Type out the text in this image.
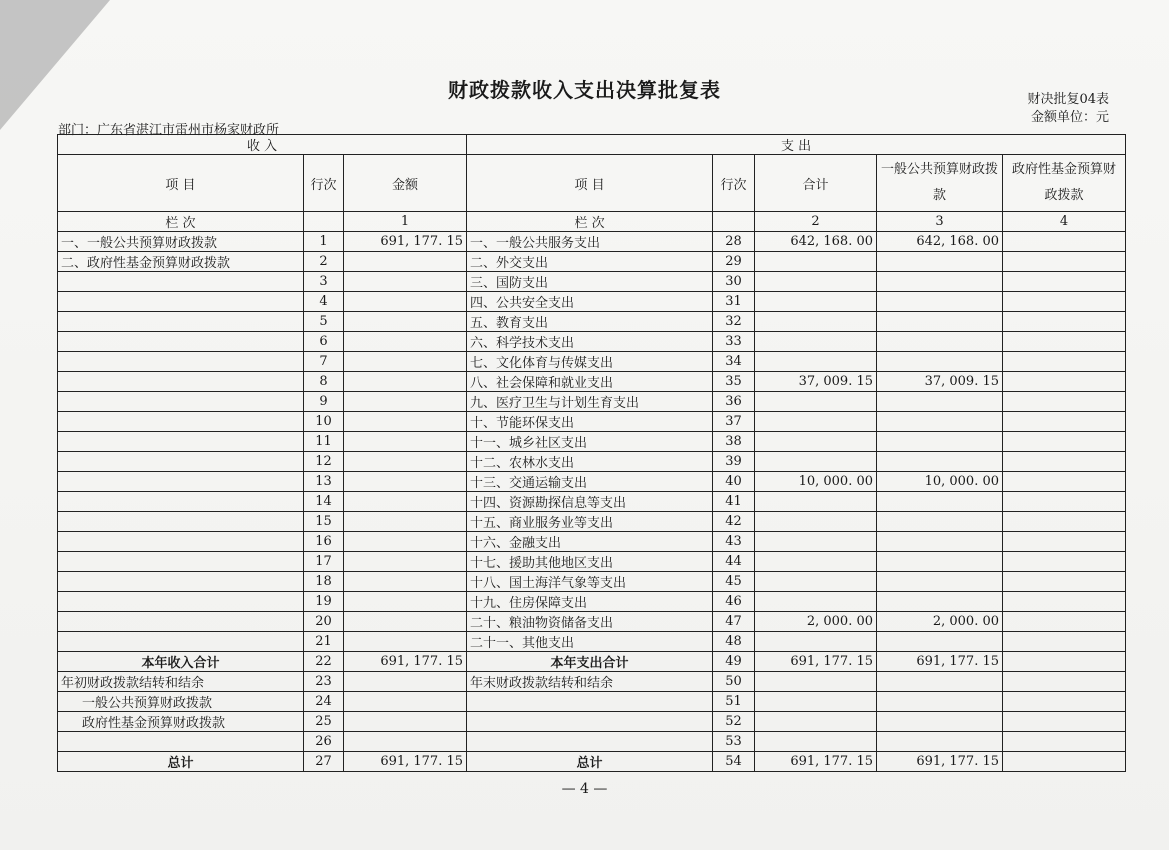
财政拨款收入支出决算批复表	财决批复04表
金额单位：元
部门：广东省湛江市雷州市杨家财政所
收 入			支 出				
项 目	行次	金额	项 目	行次	合计	一般公共预算财政拨款	政府性基金预算财政拨款
栏 次		1	栏 次		2	3	4
一、一般公共预算财政拨款	1	691, 177. 15	一、一般公共服务支出	28	642, 168. 00	642, 168. 00	
二、政府性基金预算财政拨款	2		二、外交支出	29			
	3		三、国防支出	30			
	4		四、公共安全支出	31			
	5		五、教育支出	32			
	6		六、科学技术支出	33			
	7		七、文化体育与传媒支出	34			
	8		八、社会保障和就业支出	35	37, 009. 15	37, 009. 15	
	9		九、医疗卫生与计划生育支出	36			
	10		十、节能环保支出	37			
	11		十一、城乡社区支出	38			
	12		十二、农林水支出	39			
	13		十三、交通运输支出	40	10, 000. 00	10, 000. 00	
	14		十四、资源勘探信息等支出	41			
	15		十五、商业服务业等支出	42			
	16		十六、金融支出	43			
	17		十七、援助其他地区支出	44			
	18		十八、国土海洋气象等支出	45			
	19		十九、住房保障支出	46			
	20		二十、粮油物资储备支出	47	2, 000. 00	2, 000. 00	
	21		二十一、其他支出	48			
本年收入合计	22	691, 177. 15	本年支出合计	49	691, 177. 15	691, 177. 15	
年初财政拨款结转和结余	23		年末财政拨款结转和结余	50			
一般公共预算财政拨款	24			51			
政府性基金预算财政拨款	25			52			
	26			53			
总计	27	691, 177. 15	总计	54	691, 177. 15	691, 177. 15	
— 4 —
